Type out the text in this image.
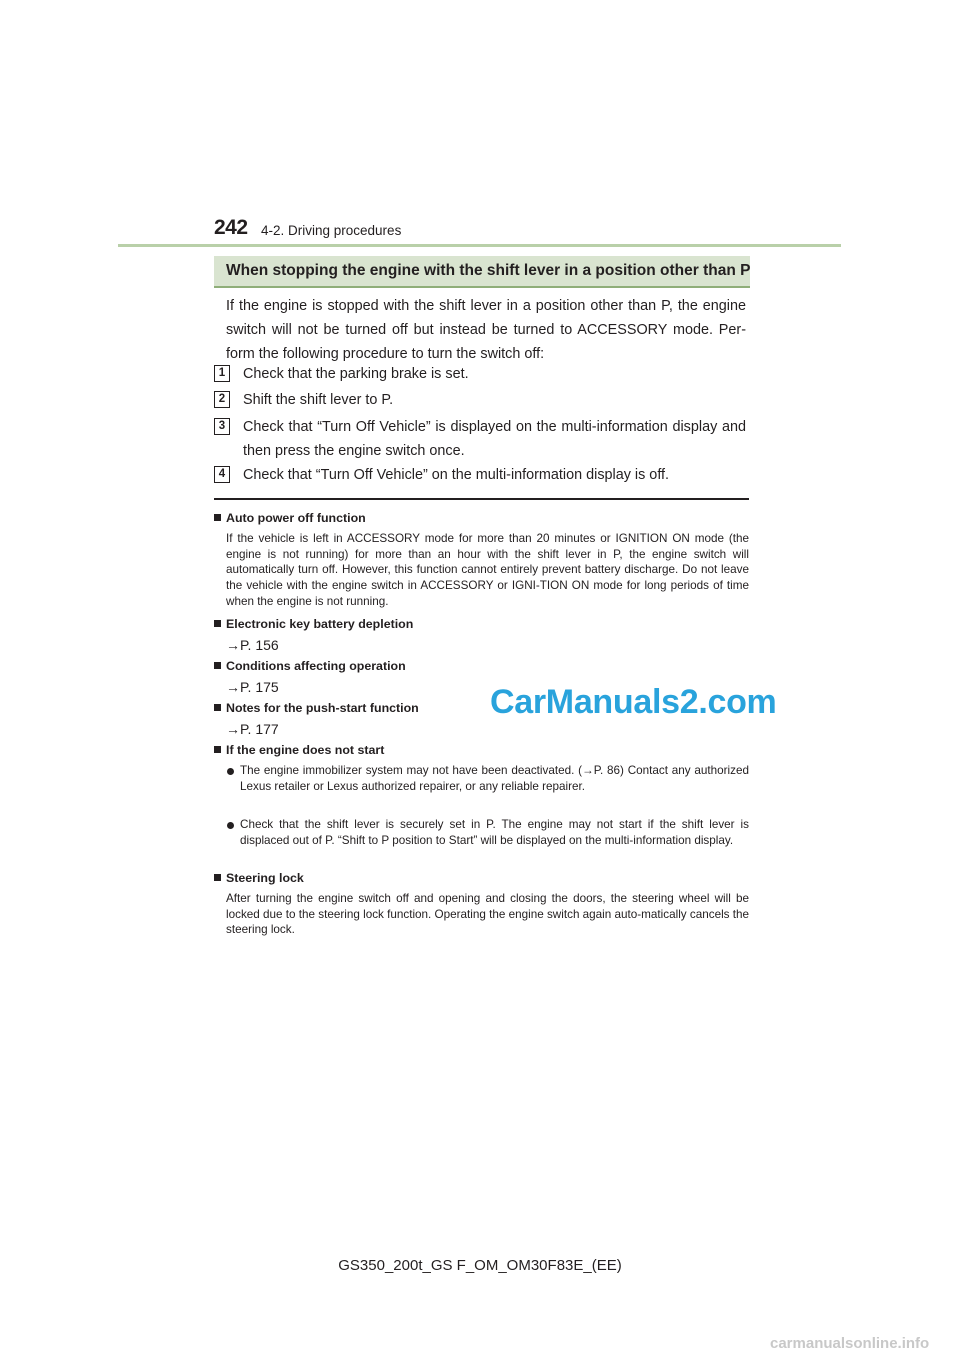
242 4-2. Driving procedures
When stopping the engine with the shift lever in a position other than P
If the engine is stopped with the shift lever in a position other than P, the engine switch will not be turned off but instead be turned to ACCESSORY mode. Per-form the following procedure to turn the switch off:
1	Check that the parking brake is set.
2	Shift the shift lever to P.
3	Check that “Turn Off Vehicle” is displayed on the multi-information display and then press the engine switch once.
4	Check that “Turn Off Vehicle” on the multi-information display is off.
Auto power off function
If the vehicle is left in ACCESSORY mode for more than 20 minutes or IGNITION ON mode (the engine is not running) for more than an hour with the shift lever in P, the engine switch will automatically turn off. However, this function cannot entirely prevent battery discharge. Do not leave the vehicle with the engine switch in ACCESSORY or IGNI-TION ON mode for long periods of time when the engine is not running.
Electronic key battery depletion
→P. 156
Conditions affecting operation
→P. 175
Notes for the push-start function
→P. 177
CarManuals2.com
If the engine does not start
The engine immobilizer system may not have been deactivated. (→P. 86) Contact any authorized Lexus retailer or Lexus authorized repairer, or any reliable repairer.
Check that the shift lever is securely set in P. The engine may not start if the shift lever is displaced out of P. “Shift to P position to Start” will be displayed on the multi-information display.
Steering lock
After turning the engine switch off and opening and closing the doors, the steering wheel will be locked due to the steering lock function. Operating the engine switch again auto-matically cancels the steering lock.
GS350_200t_GS F_OM_OM30F83E_(EE)
carmanualsonline.info
